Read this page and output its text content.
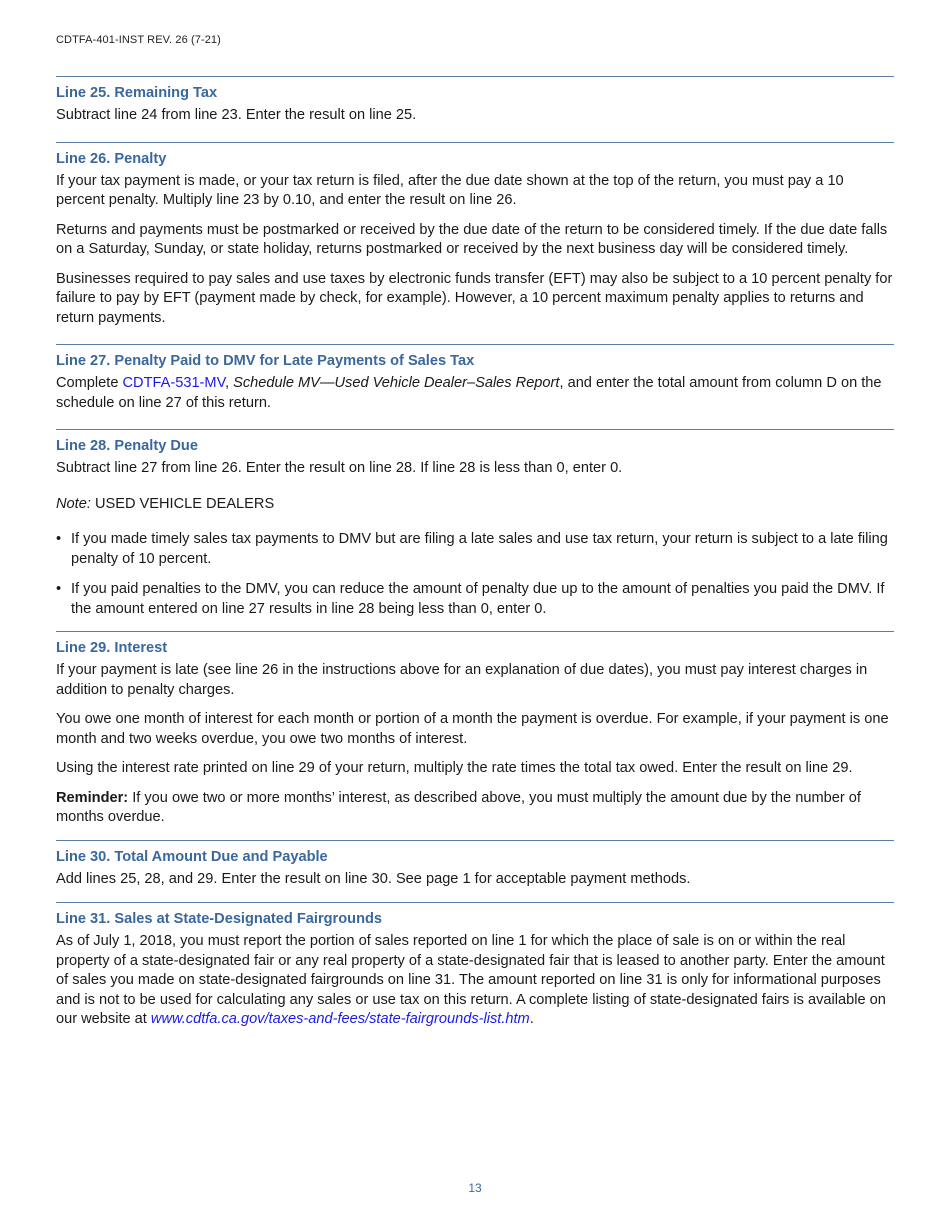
CDTFA-401-INST REV. 26 (7-21)
Line 25. Remaining Tax

Subtract line 24 from line 23. Enter the result on line 25.

Line 26. Penalty

If your tax payment is made, or your tax return is filed, after the due date shown at the top of the return, you must pay a 10 percent penalty. Multiply line 23 by 0.10, and enter the result on line 26.

Returns and payments must be postmarked or received by the due date of the return to be considered timely. If the due date falls on a Saturday, Sunday, or state holiday, returns postmarked or received by the next business day will be considered timely.

Businesses required to pay sales and use taxes by electronic funds transfer (EFT) may also be subject to a 10 percent penalty for failure to pay by EFT (payment made by check, for example). However, a 10 percent maximum penalty applies to returns and return payments.

Line 27. Penalty Paid to DMV for Late Payments of Sales Tax

Complete CDTFA-531-MV, Schedule MV—Used Vehicle Dealer–Sales Report, and enter the total amount from column D on the schedule on line 27 of this return.

Line 28. Penalty Due

Subtract line 27 from line 26. Enter the result on line 28. If line 28 is less than 0, enter 0.

Note: USED VEHICLE DEALERS

• If you made timely sales tax payments to DMV but are filing a late sales and use tax return, your return is subject to a late filing penalty of 10 percent.
• If you paid penalties to the DMV, you can reduce the amount of penalty due up to the amount of penalties you paid the DMV. If the amount entered on line 27 results in line 28 being less than 0, enter 0.
Line 29. Interest

If your payment is late (see line 26 in the instructions above for an explanation of due dates), you must pay interest charges in addition to penalty charges.

You owe one month of interest for each month or portion of a month the payment is overdue. For example, if your payment is one month and two weeks overdue, you owe two months of interest.

Using the interest rate printed on line 29 of your return, multiply the rate times the total tax owed. Enter the result on line 29.

Reminder: If you owe two or more months’ interest, as described above, you must multiply the amount due by the number of months overdue.

Line 30. Total Amount Due and Payable

Add lines 25, 28, and 29. Enter the result on line 30. See page 1 for acceptable payment methods.

Line 31. Sales at State-Designated Fairgrounds

As of July 1, 2018, you must report the portion of sales reported on line 1 for which the place of sale is on or within the real property of a state-designated fair or any real property of a state-designated fair that is leased to another party. Enter the amount of sales you made on state-designated fairgrounds on line 31. The amount reported on line 31 is only for informational purposes and is not to be used for calculating any sales or use tax on this return. A complete listing of state-designated fairs is available on our website at www.cdtfa.ca.gov/taxes-and-fees/state-fairgrounds-list.htm.

13
